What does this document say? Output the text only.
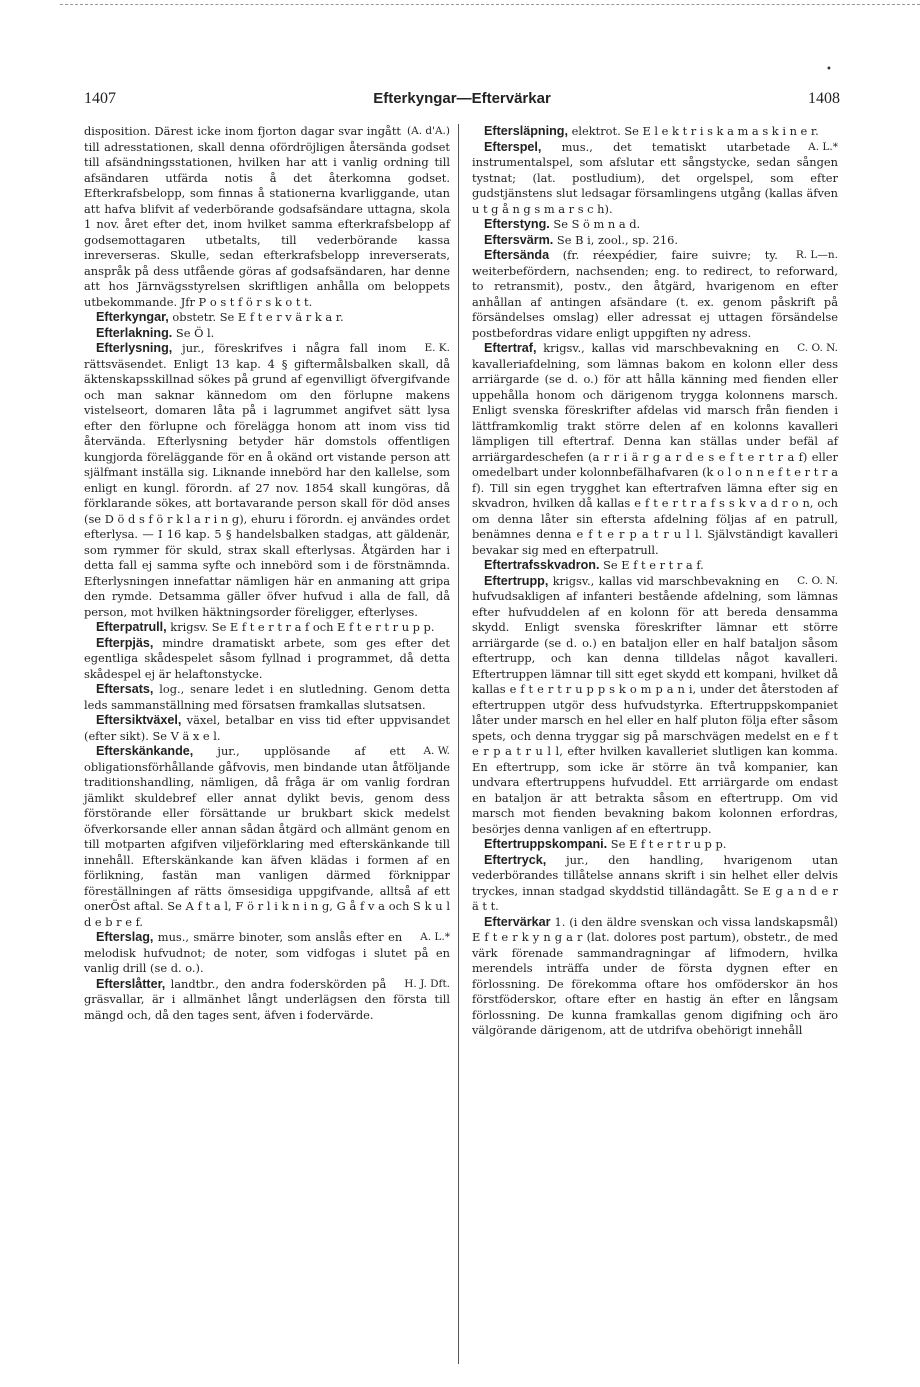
•
1407	Efterkyngar—Eftervärkar	1408

(A. d'A.)
disposition. Därest icke inom fjorton dagar svar ingått till adresstationen, skall denna ofördröjligen återsända godset till afsändningsstationen, hvilken har att i vanlig ordning till afsändaren utfärda notis å det återkomna godset. Efterkrafsbelopp, som finnas å stationerna kvarliggande, utan att hafva blifvit af vederbörande godsafsändare uttagna, skola 1 nov. året efter det, inom hvilket samma efterkrafsbelopp af godsemottagaren utbetalts, till vederbörande kassa inreverseras. Skulle, sedan efterkrafsbelopp inreverserats, anspråk på dess utfående göras af godsafsändaren, har denne att hos Järnvägsstyrelsen skriftligen anhålla om beloppets utbekommande. Jfr P o s t f ö r s k o t t.

Efterkyngar, obstetr. Se E f t e r v ä r k a r.

Efterlakning. Se Ö l.

E. K.
Efterlysning, jur., föreskrifves i några fall inom rättsväsendet. Enligt 13 kap. 4 § giftermålsbalken skall, då äktenskapsskillnad sökes på grund af egenvilligt öfvergifvande och man saknar kännedom om den förlupne makens vistelseort, domaren låta på i lagrummet angifvet sätt lysa efter den förlupne och förelägga honom att inom viss tid återvända. Efterlysning betyder här domstols offentligen kungjorda föreläggande för en å okänd ort vistande person att själfmant inställa sig. Liknande innebörd har den kallelse, som enligt en kungl. förordn. af 27 nov. 1854 skall kungöras, då förklarande sökes, att bortavarande person skall för död anses (se D ö d s f ö r k l a r i n g), ehuru i förordn. ej användes ordet efterlysa. — I 16 kap. 5 § handelsbalken stadgas, att gäldenär, som rymmer för skuld, strax skall efterlysas. Åtgärden har i detta fall ej samma syfte och innebörd som i de förstnämnda. Efterlysningen innefattar nämligen här en anmaning att gripa den rymde. Detsamma gäller öfver hufvud i alla de fall, då person, mot hvilken häktningsorder föreligger, efterlyses.

Efterpatrull, krigsv. Se E f t e r t r a f och E f t e r t r u p p.

Efterpjäs, mindre dramatiskt arbete, som ges efter det egentliga skådespelet såsom fyllnad i programmet, då detta skådespel ej är helaftonstycke.

Eftersats, log., senare ledet i en slutledning. Genom detta leds sammanställning med försatsen framkallas slutsatsen.

Eftersiktväxel, växel, betalbar en viss tid efter uppvisandet (efter sikt). Se V ä x e l.

A. W.
Efterskänkande, jur., upplösande af ett obligationsförhållande gåfvovis, men bindande utan åtföljande traditionshandling, nämligen, då fråga är om vanlig fordran jämlikt skuldebref eller annat dylikt bevis, genom dess förstörande eller försättande ur brukbart skick medelst öfverkorsande eller annan sådan åtgärd och allmänt genom en till motparten afgifven viljeförklaring med efterskänkande till innehåll. Efterskänkande kan äfven klädas i formen af en förlikning, fastän man vanligen därmed förknippar föreställningen af rätts ömsesidiga uppgifvande, alltså af ett onerÖst aftal. Se A f t a l, F ö r l i k n i n g, G å f v a och S k u l d e b r e f.

A. L.*
Efterslag, mus., smärre binoter, som anslås efter en melodisk hufvudnot; de noter, som vidfogas i slutet på en vanlig drill (se d. o.).

H. J. Dft.
Efterslåtter, landtbr., den andra foderskörden på gräsvallar, är i allmänhet långt underlägsen den första till mängd och, då den tages sent, äfven i fodervärde.

Eftersläpning, elektrot. Se E l e k t r i s k a m a s k i n e r.

A. L.*
Efterspel, mus., det tematiskt utarbetade instrumentalspel, som afslutar ett sångstycke, sedan sången tystnat; (lat. postludium), det orgelspel, som efter gudstjänstens slut ledsagar församlingens utgång (kallas äfven u t g å n g s m a r s c h).

Efterstyng. Se S ö m n a d.

Eftersvärm. Se B i, zool., sp. 216.

R. L—n.
Eftersända (fr. réexpédier, faire suivre; ty. weiterbefördern, nachsenden; eng. to redirect, to reforward, to retransmit), postv., den åtgärd, hvarigenom en efter anhållan af antingen afsändare (t. ex. genom påskrift på försändelses omslag) eller adressat ej uttagen försändelse postbefordras vidare enligt uppgiften ny adress.

C. O. N.
Eftertraf, krigsv., kallas vid marschbevakning en kavalleriafdelning, som lämnas bakom en kolonn eller dess arriärgarde (se d. o.) för att hålla känning med fienden eller uppehålla honom och därigenom trygga kolonnens marsch. Enligt svenska föreskrifter afdelas vid marsch från fienden i lättframkomlig trakt större delen af en kolonns kavalleri lämpligen till eftertraf. Denna kan ställas under befäl af arriärgardeschefen (a r r i ä r g a r d e s e f t e r t r a f) eller omedelbart under kolonnbefälhafvaren (k o l o n n e f t e r t r a f). Till sin egen trygghet kan eftertrafven lämna efter sig en skvadron, hvilken då kallas e f t e r t r a f s s k v a d r o n, och om denna låter sin eftersta afdelning följas af en patrull, benämnes denna e f t e r p a t r u l l. Självständigt kavalleri bevakar sig med en efterpatrull.

Eftertrafsskvadron. Se E f t e r t r a f.

C. O. N.
Eftertrupp, krigsv., kallas vid marschbevakning en hufvudsakligen af infanteri bestående afdelning, som lämnas efter hufvuddelen af en kolonn för att bereda densamma skydd. Enligt svenska föreskrifter lämnar ett större arriärgarde (se d. o.) en bataljon eller en half bataljon såsom eftertrupp, och kan denna tilldelas något kavalleri. Eftertruppen lämnar till sitt eget skydd ett kompani, hvilket då kallas e f t e r t r u p p s k o m p a n i, under det återstoden af eftertruppen utgör dess hufvudstyrka. Eftertruppskompaniet låter under marsch en hel eller en half pluton följa efter såsom spets, och denna tryggar sig på marschvägen medelst en e f t e r p a t r u l l, efter hvilken kavalleriet slutligen kan komma. En eftertrupp, som icke är större än två kompanier, kan undvara eftertruppens hufvuddel. Ett arriärgarde om endast en bataljon är att betrakta såsom en eftertrupp. Om vid marsch mot fienden bevakning bakom kolonnen erfordras, besörjes denna vanligen af en eftertrupp.

Eftertruppskompani. Se E f t e r t r u p p.

Eftertryck, jur., den handling, hvarigenom utan vederbörandes tillåtelse annans skrift i sin helhet eller delvis tryckes, innan stadgad skyddstid tilländagått. Se E g a n d e r ä t t.

Eftervärkar 1. (i den äldre svenskan och vissa landskapsmål) E f t e r k y n g a r (lat. dolores post partum), obstetr., de med värk förenade sammandragningar af lifmodern, hvilka merendels inträffa under de första dygnen efter en förlossning. De förekomma oftare hos omföderskor än hos förstföderskor, oftare efter en hastig än efter en långsam förlossning. De kunna framkallas genom digifning och äro välgörande därigenom, att de utdrifva obehörigt innehåll
